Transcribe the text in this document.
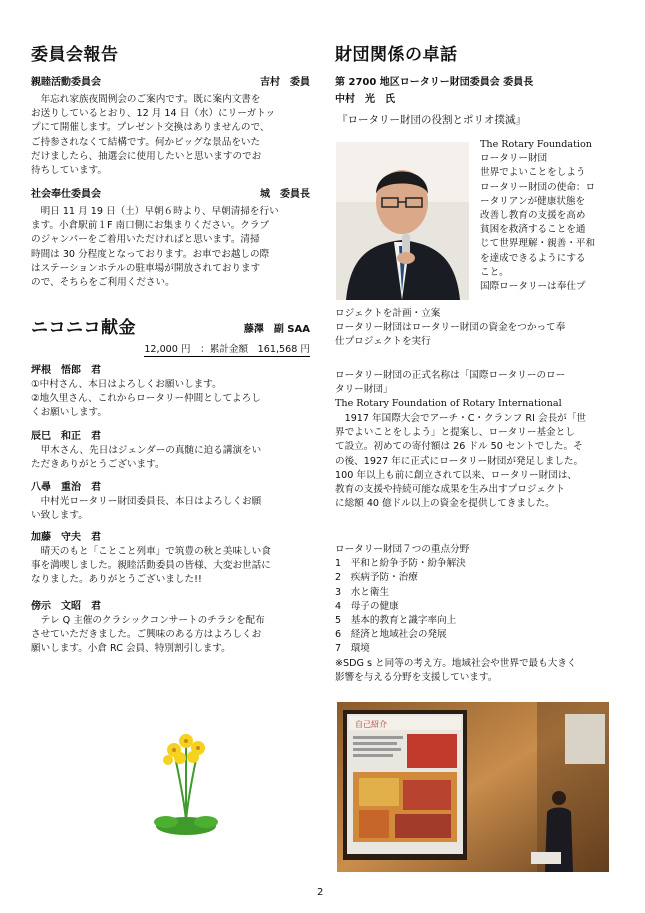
委員会報告
親睦活動委員会	吉村　委員
年忘れ家族夜間例会のご案内です。既に案内文書を
お送りしているとおり、12 月 14 日（水）にリーガトッ
プにて開催します。プレゼント交換はありませんので、
ご持参されなくて結構です。何かビッグな景品をいた
だけましたら、抽選会に使用したいと思いますのでお
待ちしています。
社会奉仕委員会	城　委員長
明日 11 月 19 日（土）早朝６時より、早朝清掃を行い
ます。小倉駅前１F 南口側にお集まりください。クラブ
のジャンパーをご着用いただければと思います。清掃
時間は 30 分程度となっております。お車でお越しの際
はステーションホテルの駐車場が開放されております
ので、そちらをご利用ください。
ニコニコ献金	藤澤　副 SAA
12,000 円　：累計金額　161,568 円
坪根　悟郎　君
①中村さん、本日はよろしくお願いします。
②地久里さん、これからロータリー仲間としてよろし
くお願いします。
辰巳　和正　君
甲木さん、先日はジェンダーの真髄に迫る講演をい
ただきありがとうございます。
八尋　重治　君
中村光ロータリー財団委員長、本日はよろしくお願
い致します。
加藤　守夫　君
晴天のもと「ことこと列車」で筑豊の秋と美味しい食
事を満喫しました。親睦活動委員の皆様、大変お世話に
なりました。ありがとうございました!!
傍示　文昭　君
テレ Q 主催のクラシックコンサートのチラシを配布
させていただきました。ご興味のある方はよろしくお
願いします。小倉 RC 会員、特別割引します。
財団関係の卓話
第 2700 地区ロータリー財団委員会 委員長
中村　光　氏
『ロータリー財団の役割とポリオ撲滅』
The Rotary Foundation
ロータリー財団
世界でよいことをしよう
ロータリー財団の使命：ロ
ータリアンが健康状態を
改善し教育の支援を高め
貧困を救済することを通
じて世界理解・親善・平和
を達成できるようにする
こと。
国際ロータリーは奉仕プ
ロジェクトを計画・立案
ロータリー財団はロータリー財団の資金をつかって奉
仕プロジェクトを実行
ロータリー財団の正式名称は「国際ロータリーのロー
タリー財団」
The Rotary Foundation of Rotary International
1917 年国際大会でアーチ・C・クランフ RI 会長が「世
界でよいことをしよう」と提案し、ロータリー基金とし
て設立。初めての寄付額は 26 ドル 50 セントでした。そ
の後、1927 年に正式にロータリー財団が発足しました。
100 年以上も前に創立されて以来、ロータリー財団は、
教育の支援や持続可能な成果を生み出すプロジェクト
に総額 40 億ドル以上の資金を提供してきました。
ロータリー財団７つの重点分野
1　平和と紛争予防・紛争解決
2　疾病予防・治療
3　水と衛生
4　母子の健康
5　基本的教育と識字率向上
6　経済と地域社会の発展
7　環境
※SDG s と同等の考え方。地域社会や世界で最も大きく
影響を与える分野を支援しています。
自己紹介
2
